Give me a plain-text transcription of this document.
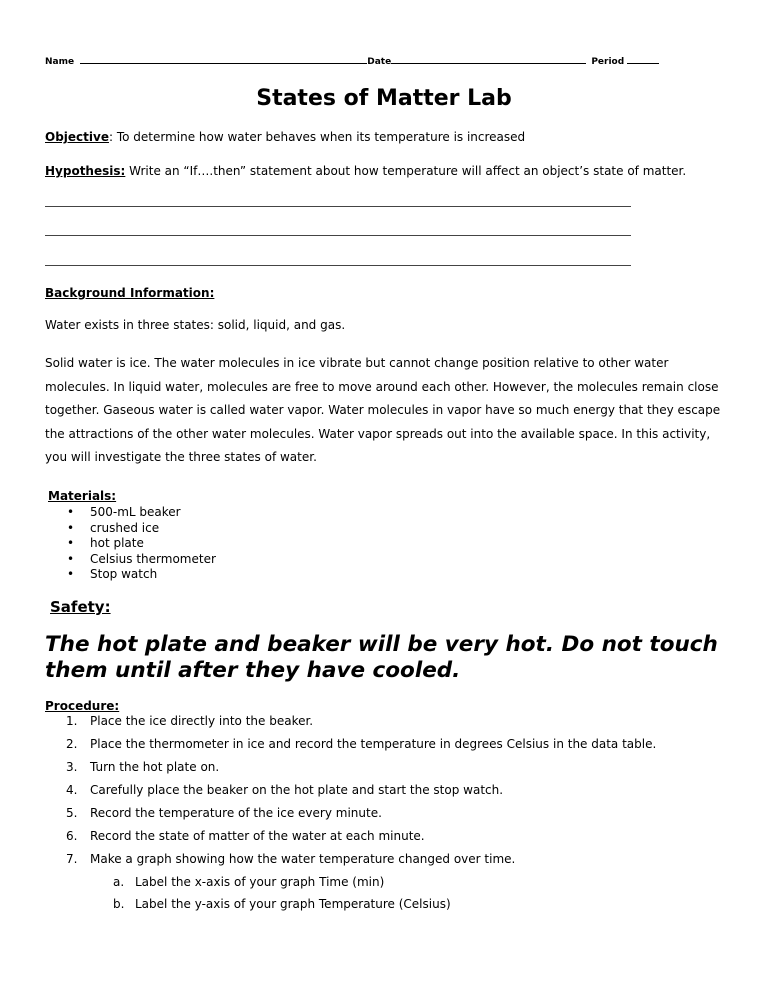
Name	Date	Period
States of Matter Lab
Objective: To determine how water behaves when its temperature is increased
Hypothesis: Write an “If….then” statement about how temperature will affect an object’s state of matter.
Background Information:
Water exists in three states: solid, liquid, and gas.
Solid water is ice. The water molecules in ice vibrate but cannot change position relative to other water molecules. In liquid water, molecules are free to move around each other. However, the molecules remain close together. Gaseous water is called water vapor. Water molecules in vapor have so much energy that they escape the attractions of the other water molecules. Water vapor spreads out into the available space. In this activity, you will investigate the three states of water.
Materials:
• 500-mL beaker
• crushed ice
• hot plate
• Celsius thermometer
• Stop watch
Safety:
The hot plate and beaker will be very hot. Do not touch them until after they have cooled.
Procedure:
1. Place the ice directly into the beaker.
2. Place the thermometer in ice and record the temperature in degrees Celsius in the data table.
3. Turn the hot plate on.
4. Carefully place the beaker on the hot plate and start the stop watch.
5. Record the temperature of the ice every minute.
6. Record the state of matter of the water at each minute.
7. Make a graph showing how the water temperature changed over time.
a. Label the x-axis of your graph Time (min)
b. Label the y-axis of your graph Temperature (Celsius)
